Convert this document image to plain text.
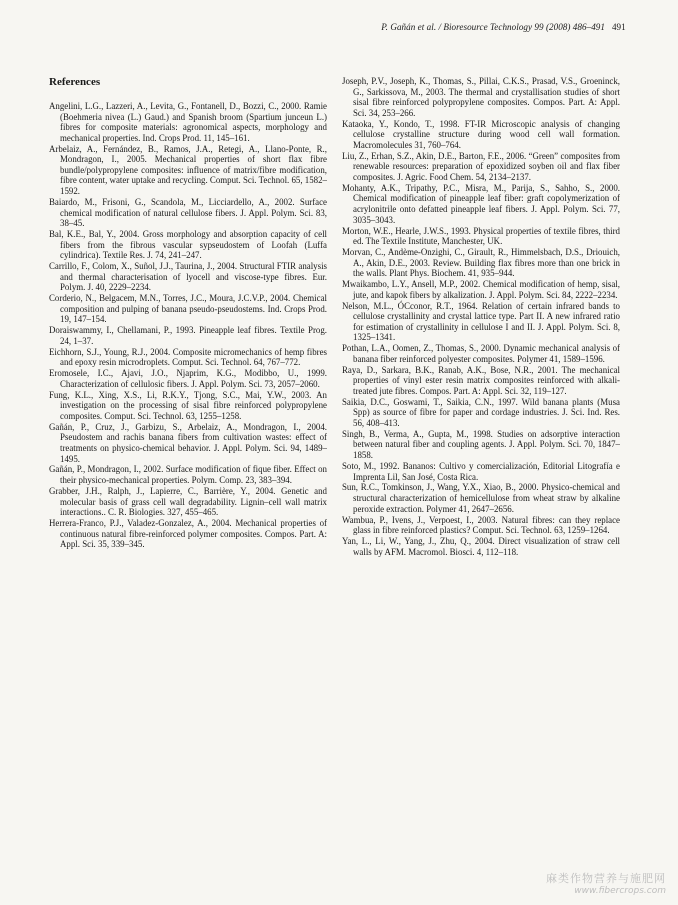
P. Gañán et al. / Bioresource Technology 99 (2008) 486–491 491
References
Angelini, L.G., Lazzeri, A., Levita, G., Fontanell, D., Bozzi, C., 2000. Ramie (Boehmeria nivea (L.) Gaud.) and Spanish broom (Spartium junceun L.) fibres for composite materials: agronomical aspects, morphology and mechanical properties. Ind. Crops Prod. 11, 145–161.
Arbelaiz, A., Fernández, B., Ramos, J.A., Retegi, A., Llano-Ponte, R., Mondragon, I., 2005. Mechanical properties of short flax fibre bundle/polypropylene composites: influence of matrix/fibre modification, fibre content, water uptake and recycling. Comput. Sci. Technol. 65, 1582–1592.
Baiardo, M., Frisoni, G., Scandola, M., Licciardello, A., 2002. Surface chemical modification of natural cellulose fibers. J. Appl. Polym. Sci. 83, 38–45.
Bal, K.E., Bal, Y., 2004. Gross morphology and absorption capacity of cell fibers from the fibrous vascular sypseudostem of Loofah (Luffa cylindrica). Textile Res. J. 74, 241–247.
Carrillo, F., Colom, X., Suñol, J.J., Taurina, J., 2004. Structural FTIR analysis and thermal characterisation of lyocell and viscose-type fibres. Eur. Polym. J. 40, 2229–2234.
Corderio, N., Belgacem, M.N., Torres, J.C., Moura, J.C.V.P., 2004. Chemical composition and pulping of banana pseudo-pseudostems. Ind. Crops Prod. 19, 147–154.
Doraiswammy, I., Chellamani, P., 1993. Pineapple leaf fibres. Textile Prog. 24, 1–37.
Eichhorn, S.J., Young, R.J., 2004. Composite micromechanics of hemp fibres and epoxy resin microdroplets. Comput. Sci. Technol. 64, 767–772.
Eromosele, I.C., Ajavi, J.O., Njaprim, K.G., Modibbo, U., 1999. Characterization of cellulosic fibers. J. Appl. Polym. Sci. 73, 2057–2060.
Fung, K.L., Xing, X.S., Li, R.K.Y., Tjong, S.C., Mai, Y.W., 2003. An investigation on the processing of sisal fibre reinforced polypropylene composites. Comput. Sci. Technol. 63, 1255–1258.
Gañán, P., Cruz, J., Garbizu, S., Arbelaiz, A., Mondragon, I., 2004. Pseudostem and rachis banana fibers from cultivation wastes: effect of treatments on physico-chemical behavior. J. Appl. Polym. Sci. 94, 1489–1495.
Gañán, P., Mondragon, I., 2002. Surface modification of fique fiber. Effect on their physico-mechanical properties. Polym. Comp. 23, 383–394.
Grabber, J.H., Ralph, J., Lapierre, C., Barrière, Y., 2004. Genetic and molecular basis of grass cell wall degradability. Lignin–cell wall matrix interactions.. C. R. Biologies. 327, 455–465.
Herrera-Franco, P.J., Valadez-Gonzalez, A., 2004. Mechanical properties of continuous natural fibre-reinforced polymer composites. Compos. Part. A: Appl. Sci. 35, 339–345.
Joseph, P.V., Joseph, K., Thomas, S., Pillai, C.K.S., Prasad, V.S., Groeninck, G., Sarkissova, M., 2003. The thermal and crystallisation studies of short sisal fibre reinforced polypropylene composites. Compos. Part. A: Appl. Sci. 34, 253–266.
Kataoka, Y., Kondo, T., 1998. FT-IR Microscopic analysis of changing cellulose crystalline structure during wood cell wall formation. Macromolecules 31, 760–764.
Liu, Z., Erhan, S.Z., Akin, D.E., Barton, F.E., 2006. “Green” composites from renewable resources: preparation of epoxidized soyben oil and flax fiber composites. J. Agric. Food Chem. 54, 2134–2137.
Mohanty, A.K., Tripathy, P.C., Misra, M., Parija, S., Sahho, S., 2000. Chemical modification of pineapple leaf fiber: graft copolymerization of acrylonitrile onto defatted pineapple leaf fibers. J. Appl. Polym. Sci. 77, 3035–3043.
Morton, W.E., Hearle, J.W.S., 1993. Physical properties of textile fibres, third ed. The Textile Institute, Manchester, UK.
Morvan, C., Andème-Onzighi, C., Girault, R., Himmelsbach, D.S., Driouich, A., Akin, D.E., 2003. Review. Building flax fibres more than one brick in the walls. Plant Phys. Biochem. 41, 935–944.
Mwaikambo, L.Y., Ansell, M.P., 2002. Chemical modification of hemp, sisal, jute, and kapok fibers by alkalization. J. Appl. Polym. Sci. 84, 2222–2234.
Nelson, M.L., ÓCconor, R.T., 1964. Relation of certain infrared bands to cellulose crystallinity and crystal lattice type. Part II. A new infrared ratio for estimation of crystallinity in cellulose I and II. J. Appl. Polym. Sci. 8, 1325–1341.
Pothan, L.A., Oomen, Z., Thomas, S., 2000. Dynamic mechanical analysis of banana fiber reinforced polyester composites. Polymer 41, 1589–1596.
Raya, D., Sarkara, B.K., Ranab, A.K., Bose, N.R., 2001. The mechanical properties of vinyl ester resin matrix composites reinforced with alkali-treated jute fibres. Compos. Part. A: Appl. Sci. 32, 119–127.
Saikia, D.C., Goswami, T., Saikia, C.N., 1997. Wild banana plants (Musa Spp) as source of fibre for paper and cordage industries. J. Sci. Ind. Res. 56, 408–413.
Singh, B., Verma, A., Gupta, M., 1998. Studies on adsorptive interaction between natural fiber and coupling agents. J. Appl. Polym. Sci. 70, 1847–1858.
Soto, M., 1992. Bananos: Cultivo y comercialización, Editorial Litografía e Imprenta Lil, San José, Costa Rica.
Sun, R.C., Tomkinson, J., Wang, Y.X., Xiao, B., 2000. Physico-chemical and structural characterization of hemicellulose from wheat straw by alkaline peroxide extraction. Polymer 41, 2647–2656.
Wambua, P., Ivens, J., Verpoest, I., 2003. Natural fibres: can they replace glass in fibre reinforced plastics? Comput. Sci. Technol. 63, 1259–1264.
Yan, L., Li, W., Yang, J., Zhu, Q., 2004. Direct visualization of straw cell walls by AFM. Macromol. Biosci. 4, 112–118.
麻类作物营养与施肥网
www.fibercrops.com
